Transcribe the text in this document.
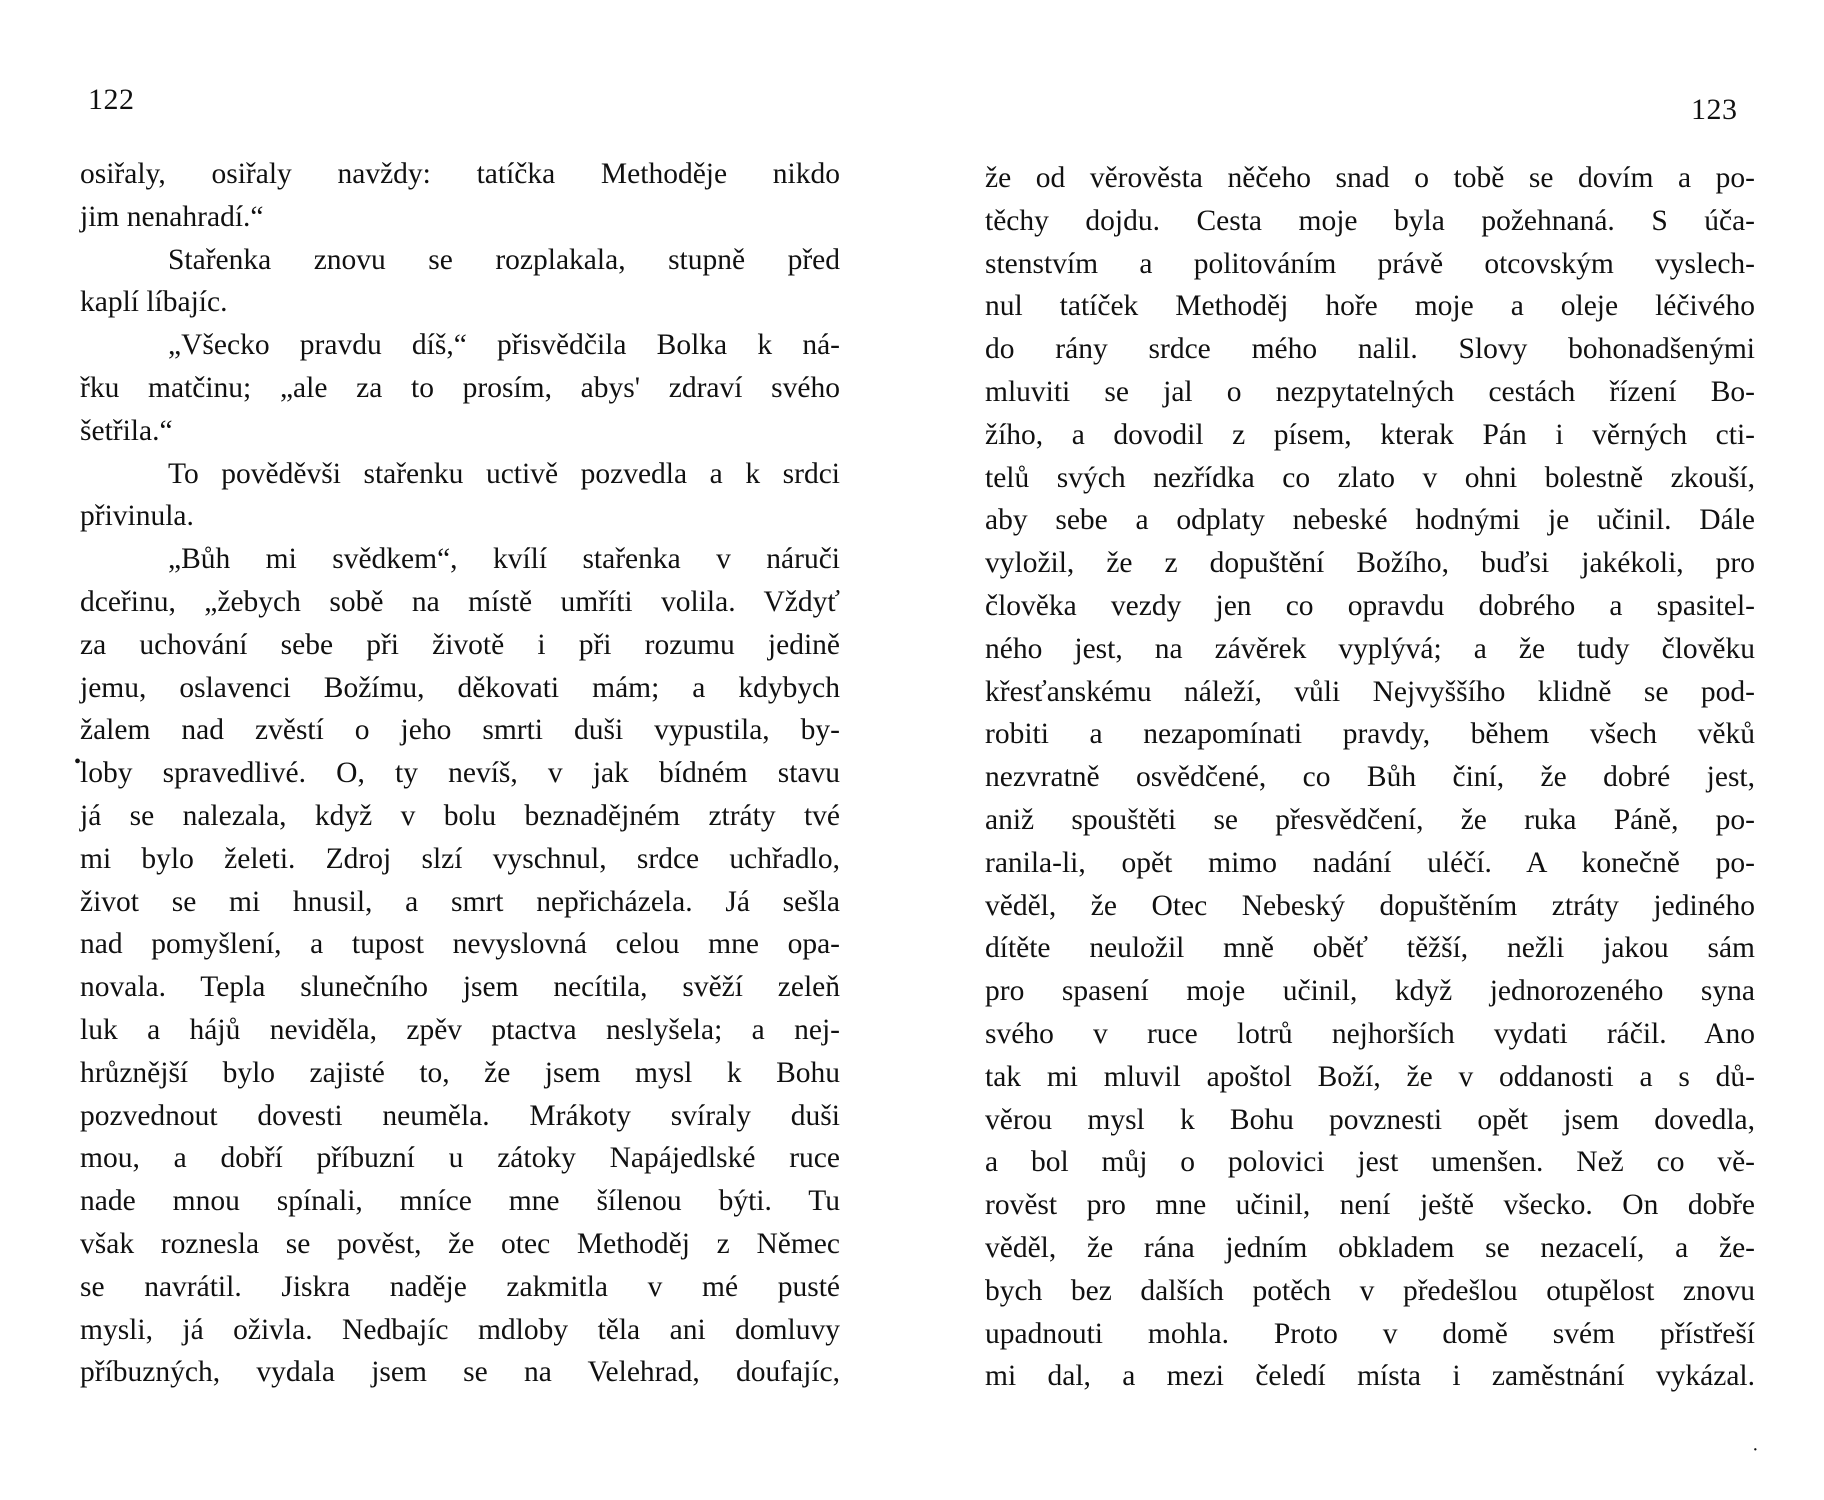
122
osiřaly, osiřaly navždy: tatíčka Methoděje nikdo
jim nenahradí.“
Stařenka znovu se rozplakala, stupně před
kaplí líbajíc.
„Všecko pravdu díš,“ přisvědčila Bolka k ná-
řku matčinu; „ale za to prosím, abys' zdraví svého
šetřila.“
To pověděvši stařenku uctivě pozvedla a k srdci
přivinula.
„Bůh mi svědkem“, kvílí stařenka v náruči
dceřinu, „žebych sobě na místě umříti volila. Vždyť
za uchování sebe při životě i při rozumu jedině
jemu, oslavenci Božímu, děkovati mám; a kdybych
žalem nad zvěstí o jeho smrti duši vypustila, by-
loby spravedlivé. O, ty nevíš, v jak bídném stavu
já se nalezala, když v bolu beznadějném ztráty tvé
mi bylo želeti. Zdroj slzí vyschnul, srdce uchřadlo,
život se mi hnusil, a smrt nepřicházela. Já sešla
nad pomyšlení, a tupost nevyslovná celou mne opa-
novala. Tepla slunečního jsem necítila, svěží zeleň
luk a hájů neviděla, zpěv ptactva neslyšela; a nej-
hrůznější bylo zajisté to, že jsem mysl k Bohu
pozvednout dovesti neuměla. Mrákoty svíraly duši
mou, a dobří příbuzní u zátoky Napájedlské ruce
nade mnou spínali, mníce mne šílenou býti. Tu
však roznesla se pověst, že otec Methoděj z Němec
se navrátil. Jiskra naděje zakmitla v mé pusté
mysli, já oživla. Nedbajíc mdloby těla ani domluvy
příbuzných, vydala jsem se na Velehrad, doufajíc,
123
že od věrověsta něčeho snad o tobě se dovím a po-
těchy dojdu. Cesta moje byla požehnaná. S úča-
stenstvím a politováním právě otcovským vyslech-
nul tatíček Methoděj hoře moje a oleje léčivého
do rány srdce mého nalil. Slovy bohonadšenými
mluviti se jal o nezpytatelných cestách řízení Bo-
žího, a dovodil z písem, kterak Pán i věrných cti-
telů svých nezřídka co zlato v ohni bolestně zkouší,
aby sebe a odplaty nebeské hodnými je učinil. Dále
vyložil, že z dopuštění Božího, buďsi jakékoli, pro
člověka vezdy jen co opravdu dobrého a spasitel-
ného jest, na závěrek vyplývá; a že tudy člověku
křesťanskému náleží, vůli Nejvyššího klidně se pod-
robiti a nezapomínati pravdy, během všech věků
nezvratně osvědčené, co Bůh činí, že dobré jest,
aniž spouštěti se přesvědčení, že ruka Páně, po-
ranila-li, opět mimo nadání uléčí. A konečně po-
věděl, že Otec Nebeský dopuštěním ztráty jediného
dítěte neuložil mně oběť těžší, nežli jakou sám
pro spasení moje učinil, když jednorozeného syna
svého v ruce lotrů nejhorších vydati ráčil. Ano
tak mi mluvil apoštol Boží, že v oddanosti a s dů-
věrou mysl k Bohu povznesti opět jsem dovedla,
a bol můj o polovici jest umenšen. Než co vě-
rověst pro mne učinil, není ještě všecko. On dobře
věděl, že rána jedním obkladem se nezacelí, a že-
bych bez dalších potěch v předešlou otupělost znovu
upadnouti mohla. Proto v domě svém přístřeší
mi dal, a mezi čeledí místa i zaměstnání vykázal.
•
·
